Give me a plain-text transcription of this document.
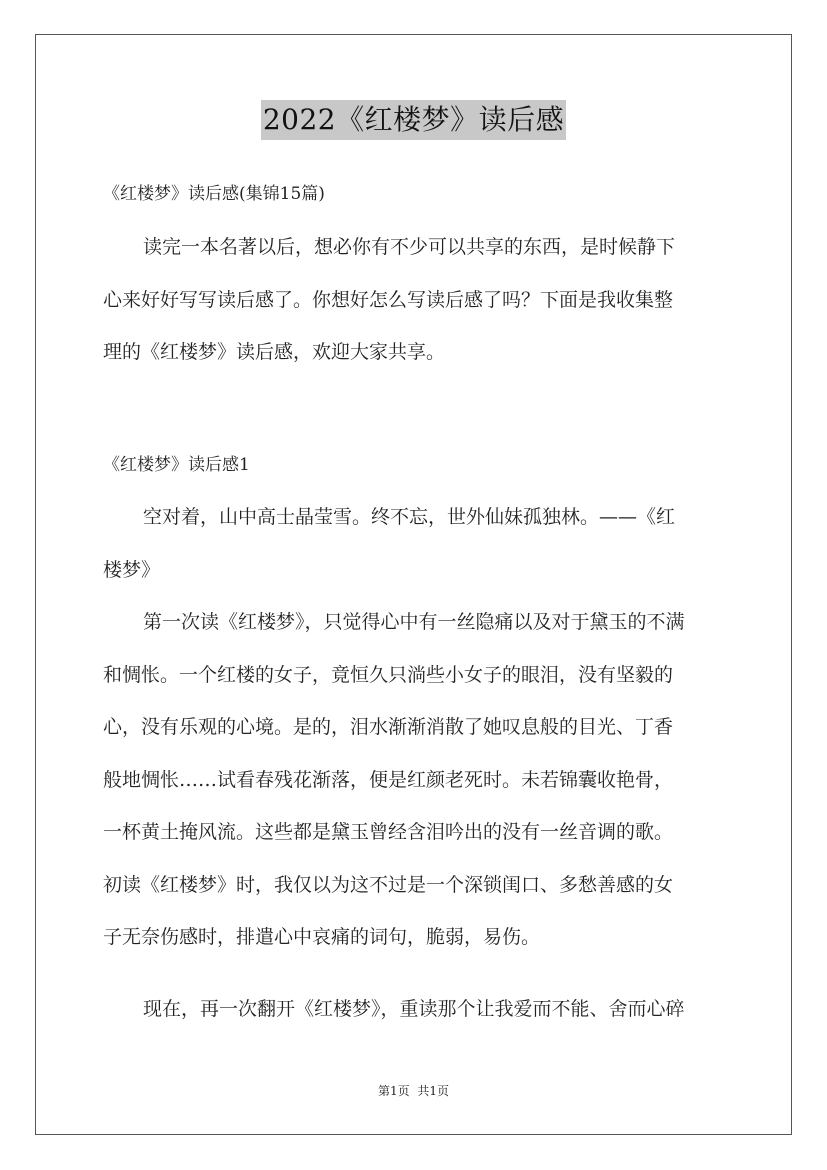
2022《红楼梦》读后感
《红楼梦》读后感(集锦15篇)
读完一本名著以后，想必你有不少可以共享的东西，是时候静下
心来好好写写读后感了。你想好怎么写读后感了吗？下面是我收集整
理的《红楼梦》读后感，欢迎大家共享。
《红楼梦》读后感1
空对着，山中高士晶莹雪。终不忘，世外仙妹孤独林。——《红
楼梦》
第一次读《红楼梦》，只觉得心中有一丝隐痛以及对于黛玉的不满
和惆怅。一个红楼的女子，竟恒久只淌些小女子的眼泪，没有坚毅的
心，没有乐观的心境。是的，泪水渐渐消散了她叹息般的目光、丁香
般地惆怅……试看春残花渐落，便是红颜老死时。未若锦囊收艳骨，
一杯黄土掩风流。这些都是黛玉曾经含泪吟出的没有一丝音调的歌。
初读《红楼梦》时，我仅以为这不过是一个深锁闺口、多愁善感的女
子无奈伤感时，排遣心中哀痛的词句，脆弱，易伤。
现在，再一次翻开《红楼梦》，重读那个让我爱而不能、舍而心碎
第1页 共1页
